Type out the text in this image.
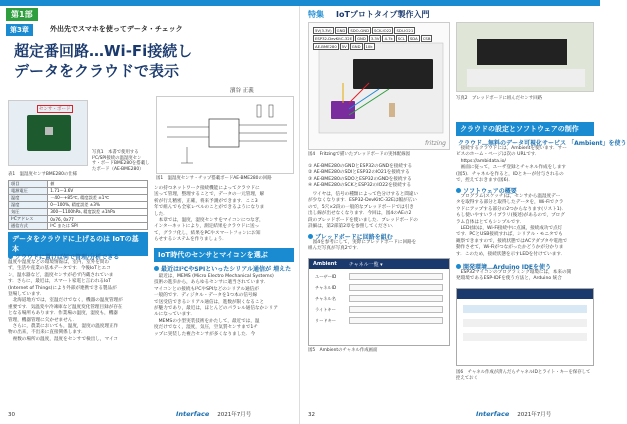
第1部
第3章	外出先でスマホを使ってデータ・チェック
超定番回路…Wi-Fi接続し
データをクラウドで表示
濱谷 正義
センサ・ボード
写真1　本書で使用する I²C/SPI接続の温湿度センサ・ボードBME280を搭載したボード（AE-BME280）
図1　温湿度センサ・チップ搭載ボードAE-BME280の回路
表1　温湿度センサBME280の仕様
項目	値
電源電圧	1.71～3.6V
温度	－40～+85℃, 精度誤差 ±1℃
湿度	0～100%, 精度誤差 ±3%
気圧	300～1100hPa, 精度誤差 ±1hPa
I²Cアドレス	0x76, 0x77
通信方式	I²C または SPI
データをクラウドに上げるのは IoTの基本
クラウドに置けば何で管理/分析できる
温度や湿度などの環境情報は，室内，室外を問わ
ず，生活や産業の基本データです．今後IoTとエコ
ン，温水器など，温度センサが必ず内蔵されていま
す．さらに，最近は，スマート家電と言われるIoT
(Internet of Things)により外部が連携できる製品が
登場しています．
　北海道地方では，室温だけでなく，機器の温度管理が
重要です．気温変や冷凍庫など温度変化管理目録が存在
となる場所もあります．作業場の温度，湿度も，機器
管理，機器管理に欠かせません．
　さらに，農業においても，温度，湿度の温度理正作
物の出来，不出来に直接関係します．
　複数の場所の温度，湿度をセンサで検出し，マイコ
ンの持つネットワーク接続機能によってクラウドに
送って管理，整理することで，データの一元管理，解
析が行え精密，正確，将来予測ができます．ここ3
年で組んでも全家レベルのことができるようになりま
した．
　本章では，温度，湿度センサをマイコンにつなぎ，
インターネットにより，測定結果をクラウドに送っ
て，グラフ化し，結果をPCやスマートフォンにお知
らせするシステムを作りましょう．
IoT時代のセンサとマイコンを選ぶ
最近はI²CやSPIといったシリアル通信が 増えた
　最近は，MEMS (Micro Electro Mechanical Systems)
技術の進歩から，あらゆるセンサに適当されています．
マイコンとの接続もI²CやSPIなどのシリアル通信が
一般的です．ディジタル・データを1つ本の信号線
で送受信できるシリアル通信は，進数が限くなること
が魅力であり，最近は，ほとんどのパラレル通信なかシリア
ルになっています．
　MEMSの小型実装技術をかたして，最近では，温
度だけでなく，湿度，気圧，空気質センサまで1チ
ップに実装した複合センサが多くなりました．今
30	Interface 2021年7月号
特集 IoTプロトタイプ製作入門
5V(3.3V)	GND	SDO-GND	SCK-IO22	SDI-IO21
ESP32-DevKitC-32E	GND	3.3V	4.7k	SCL	SDA	CSB
AE-BME280	5V	GND	10k
fritzing
図4　Fritzingで描いたブレッドボードの実体配線図
写真2　ブレッドボードに組んだセンサ回路
① AE-BME280のGNDとESP32のGNDを接続する
② AE-BME280のSDIとESP32のIO21を接続する
③ AE-BME280のSDOとESP32のGNDを接続する
④ AE-BME280のSCKとESP32のIO22を接続する
　ワイヤは，信号の種類によって色分けすると間違い
が少なくなります．ESP32-DevKitC-32Eは幅が広い
ので，5穴×2段の一般的なブレッドボードでは引き
出し線が出せなくなります．今回は，図4のAEの2
段のブレッドボードを使いました．ブレッドボードの
詳細は，第2部第2章を参照してください．
ブレッドボードに回路を組む
　図4を参考にして，実際にブレッドボードに回路を
組んだ写真が写真2です．
Ambient チャネル一覧 ▾
ユーザーID
チャネルID
チャネル名
ライトキー
リードキー
図5　Ambientのチャネル作成画面
クラウドの設定とソフトウェアの制作
クラウド…無料のデータ可視化サービス 「Ambient」を使う
　接続するクラウドには，Ambientを使います．サー
ビスのホーム・ページは次の URLです．
　https://ambidata.io/
　画面に従って，ユーザ登録とチャネル作成をします
(図5)．チャネルを作ると，IDとキーが付与されるの
で，控えておきます(図6)．
ソフトウェアの概要
　プログラム(スケッチ)は，センサから温湿度デー
タを取得する部分と取得したデータを，Wi-Fiでクラ
ウドにアップする部分の2つからなります(リスト1)．
もし使いやすいライブラリ(後述)があるので，プログ
ラム自体はとてもシンプルです．
　LED(緑)は，Wi-Fi接続中に点滅，接続成功で点灯
です．PCとUSB接続すれば，シリアル・モニタでも
観察できますので，接続状態ではACアダプタや電池で
動作させて，Wi-Fiがつながったかどうかが分かりま
す．このため，接続状態を示すLEDを付けています．
開発環境…Arduino IDEを使う
　ESP32マイコンのプログラミング環境には，本来の開
発環境であるESP-IDFを使う方法と，Arduino 統合
図6　チャネル作成が済んだらチャネルIDとライト・キーを保存して控えておく
32	Interface 2021年7月号
